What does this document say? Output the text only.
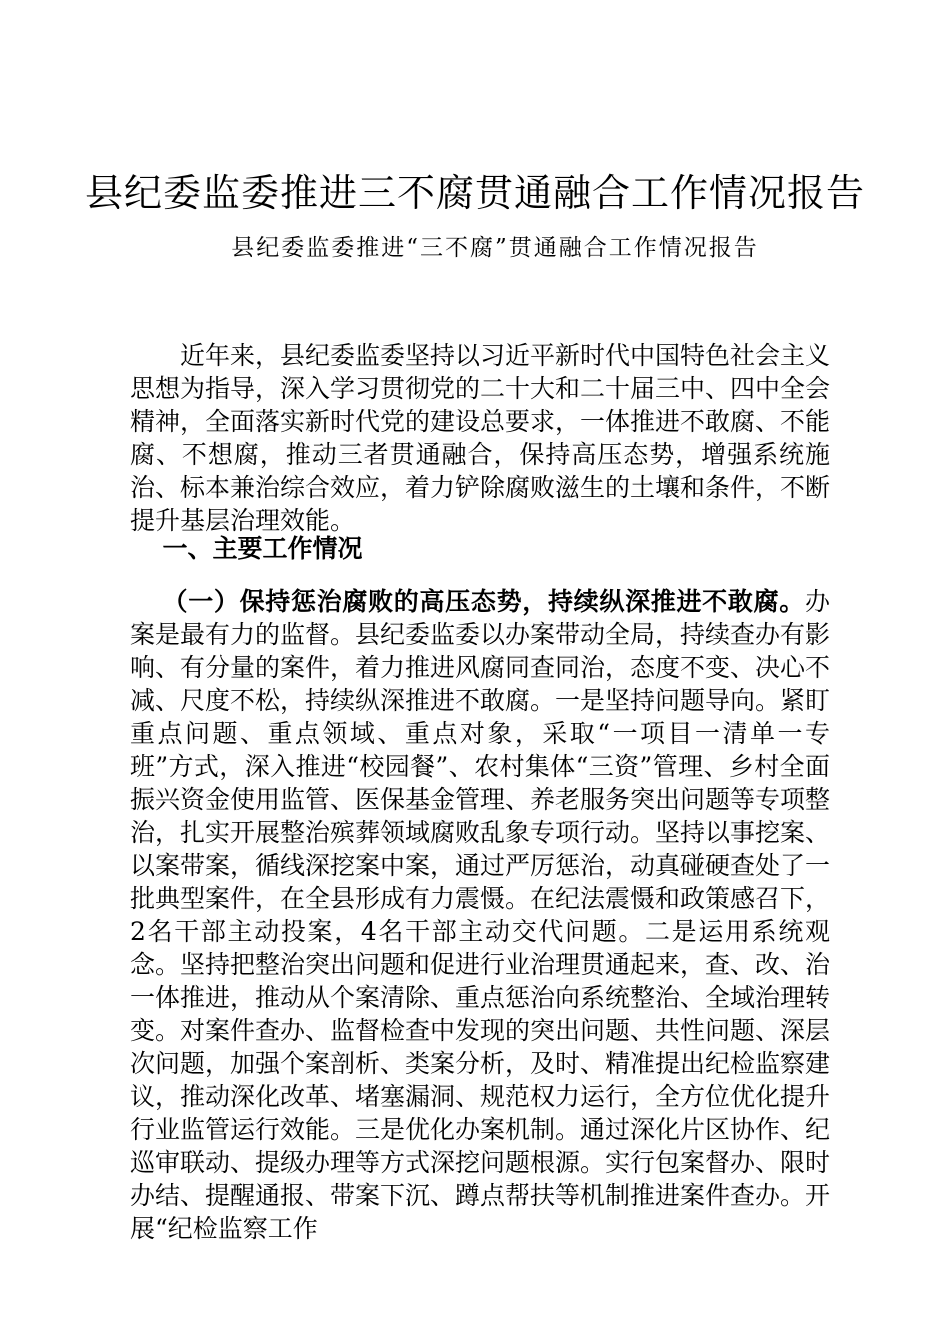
县纪委监委推进三不腐贯通融合工作情况报告
县纪委监委推进“三不腐”贯通融合工作情况报告
近年来，县纪委监委坚持以习近平新时代中国特色社会主义思想为指导，深入学习贯彻党的二十大和二十届三中、四中全会精神，全面落实新时代党的建设总要求，一体推进不敢腐、不能腐、不想腐，推动三者贯通融合，保持高压态势，增强系统施治、标本兼治综合效应，着力铲除腐败滋生的土壤和条件，不断提升基层治理效能。
一、主要工作情况
（一）保持惩治腐败的高压态势，持续纵深推进不敢腐。办案是最有力的监督。县纪委监委以办案带动全局，持续查办有影响、有分量的案件，着力推进风腐同查同治，态度不变、决心不减、尺度不松，持续纵深推进不敢腐。一是坚持问题导向。紧盯重点问题、重点领域、重点对象，采取“一项目一清单一专班”方式，深入推进“校园餐”、农村集体“三资”管理、乡村全面振兴资金使用监管、医保基金管理、养老服务突出问题等专项整治，扎实开展整治殡葬领域腐败乱象专项行动。坚持以事挖案、以案带案，循线深挖案中案，通过严厉惩治，动真碰硬查处了一批典型案件，在全县形成有力震慑。在纪法震慑和政策感召下，2名干部主动投案，4名干部主动交代问题。二是运用系统观念。坚持把整治突出问题和促进行业治理贯通起来，查、改、治一体推进，推动从个案清除、重点惩治向系统整治、全域治理转变。对案件查办、监督检查中发现的突出问题、共性问题、深层次问题，加强个案剖析、类案分析，及时、精准提出纪检监察建议，推动深化改革、堵塞漏洞、规范权力运行，全方位优化提升行业监管运行效能。三是优化办案机制。通过深化片区协作、纪巡审联动、提级办理等方式深挖问题根源。实行包案督办、限时办结、提醒通报、带案下沉、蹲点帮扶等机制推进案件查办。开展“纪检监察工作
